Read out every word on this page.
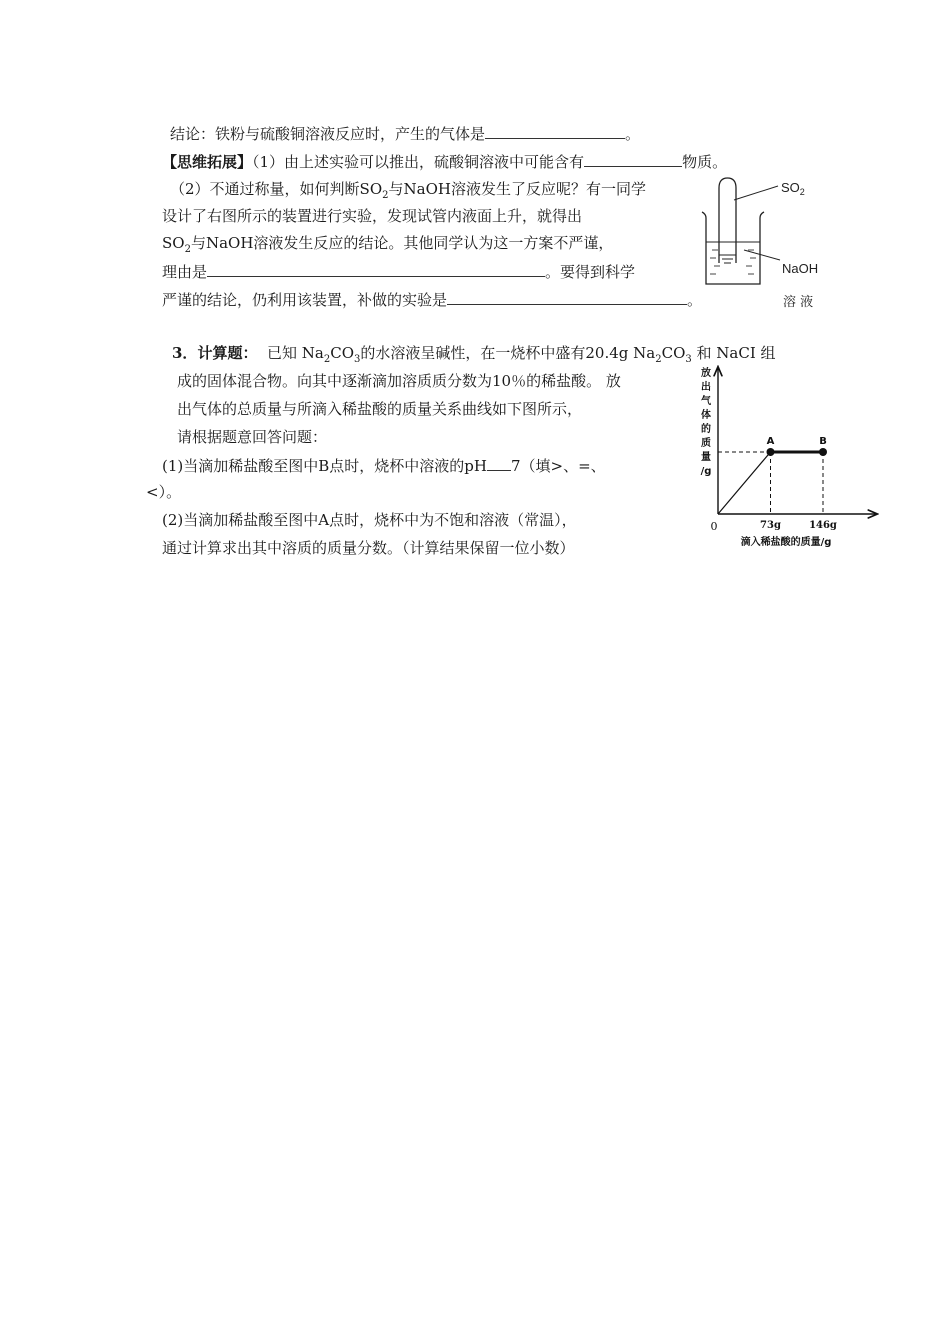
结论：铁粉与硫酸铜溶液反应时，产生的气体是	。
【思维拓展】（1）由上述实验可以推出，硫酸铜溶液中可能含有	物质。
（2）不通过称量，如何判断$SO_2$与NaOH溶液发生了反应呢？有一同学
设计了右图所示的装置进行实验，发现试管内液面上升，就得出
$SO_2$与NaOH溶液发生反应的结论。其他同学认为这一方案不严谨，
理由是	。要得到科学
严谨的结论，仍利用该装置，补做的实验是	。
$SO_2$
NaOH
溶 液
3．计算题： 已知 $Na_2CO_3$的水溶液呈碱性，在一烧杯中盛有20.4g $Na_2CO_3$ 和 NaCI 组
成的固体混合物。向其中逐渐滴加溶质质分数为10％的稀盐酸。 放
出气体的总质量与所滴入稀盐酸的质量关系曲线如下图所示，
请根据题意回答问题：
(1)当滴加稀盐酸至图中B点时，烧杯中溶液的pH 7（填>、=、
<）。
(2)当滴加稀盐酸至图中A点时，烧杯中为不饱和溶液（常温），
通过计算求出其中溶质的质量分数。（计算结果保留一位小数）
放
出
气
体
的
质
量
/g
A	B
73g	146g
0
滴入稀盐酸的质量/g
